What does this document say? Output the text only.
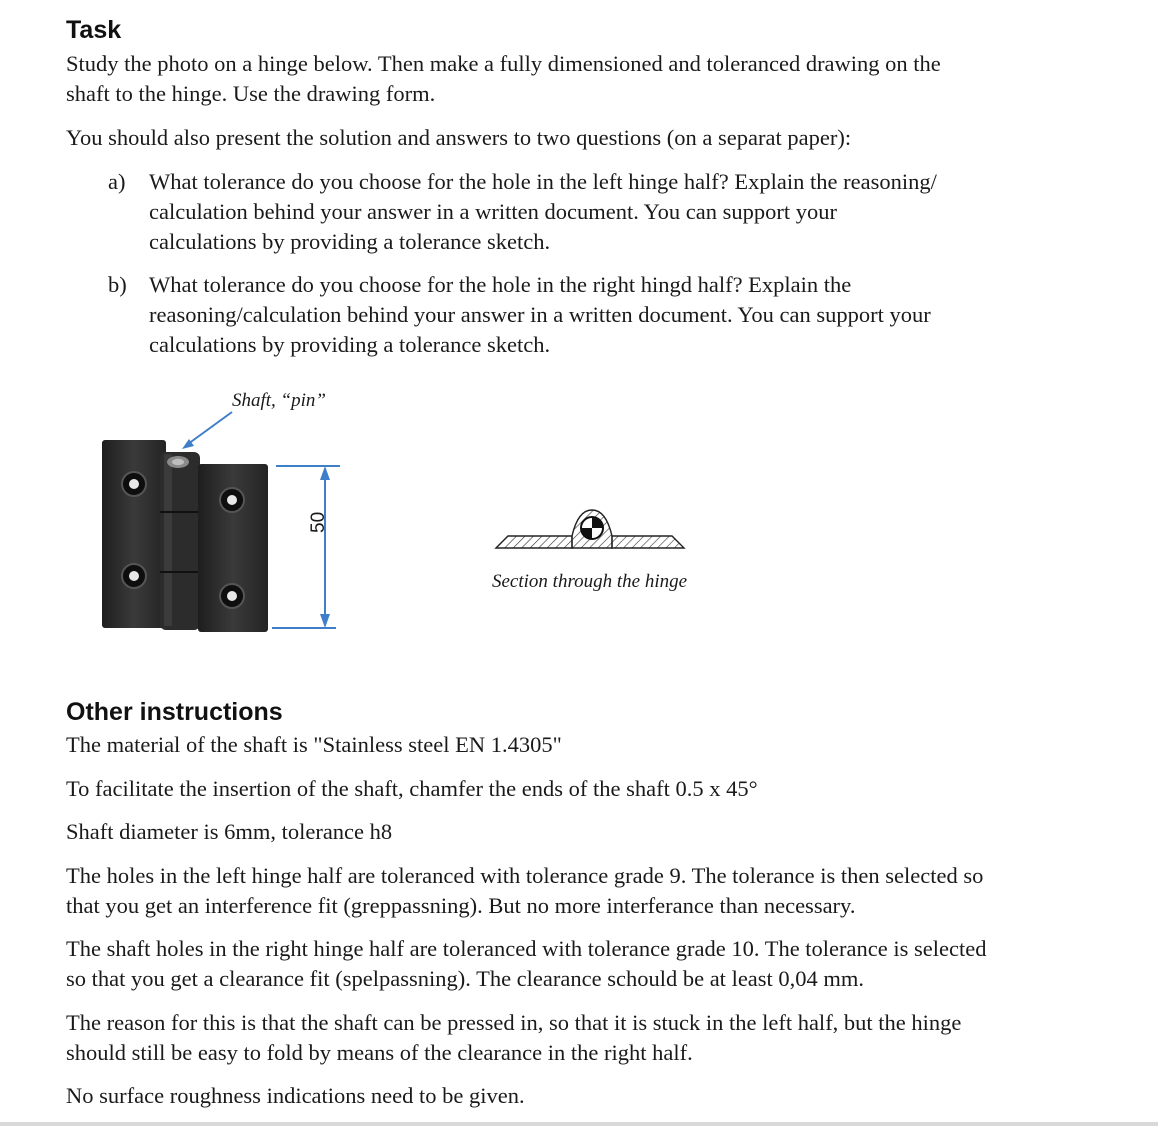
Task

Study the photo on a hinge below. Then make a fully dimensioned and toleranced drawing on the

shaft to the hinge. Use the drawing form.

You should also present the solution and answers to two questions (on a separat paper):

a) What tolerance do you choose for the hole in the left hinge half? Explain the reasoning/

calculation behind your answer in a written document. You can support your

calculations by providing a tolerance sketch.

b) What tolerance do you choose for the hole in the right hingd half? Explain the

reasoning/calculation behind your answer in a written document. You can support your

calculations by providing a tolerance sketch.

Shaft, “pin”

50

Section through the hinge

Other instructions

The material of the shaft is "Stainless steel EN 1.4305"

To facilitate the insertion of the shaft, chamfer the ends of the shaft 0.5 x 45°

Shaft diameter is 6mm, tolerance h8

The holes in the left hinge half are toleranced with tolerance grade 9. The tolerance is then selected so

that you get an interference fit (greppassning). But no more interferance than necessary.

The shaft holes in the right hinge half are toleranced with tolerance grade 10. The tolerance is selected

so that you get a clearance fit (spelpassning). The clearance schould be at least 0,04 mm.

The reason for this is that the shaft can be pressed in, so that it is stuck in the left half, but the hinge

should still be easy to fold by means of the clearance in the right half.

No surface roughness indications need to be given.
